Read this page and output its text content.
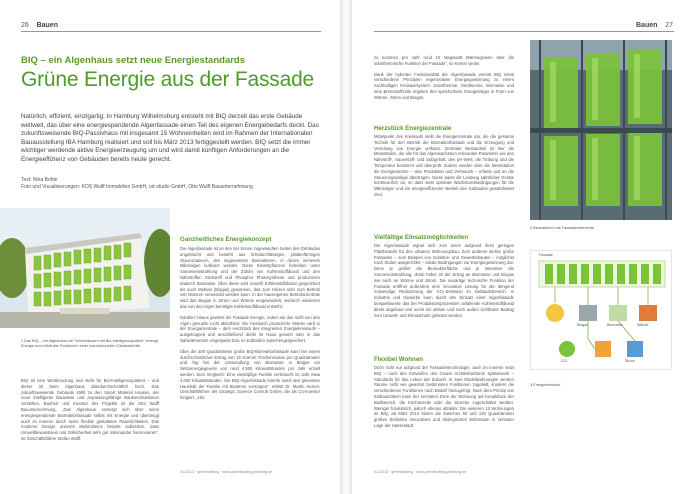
26 Bauen
BIQ – ein Algenhaus setzt neue Energiestandards
Grüne Energie aus der Fassade
Natürlich, effizient, einzigartig: In Hamburg Wilhelmsburg entsteht mit BIQ derzeit das erste Gebäude weltweit, das über eine energiespendende Algenfassade einen Teil des eigenen Energiebedarfs deckt. Das zukunftsweisende BIQ-Passivhaus mit insgesamt 15 Wohneinheiten wird im Rahmen der Internationalen Bauausstellung IBA Hamburg realisiert und soll bis März 2013 fertiggestellt werden. BIQ setzt die immer wichtiger werdende aktive Energieerzeugung um und wird damit künftigen Anforderungen an die Energieeffizienz von Gebäuden bereits heute gerecht.
Text: Nina Bohle
Foto und Visualisierungen: KOS Wulff Immobilien GmbH, ort-studio GmbH, Otto Wulff Bauunternehmung
1 Das BIQ – ein Algenhaus mit "Wohnhäusern mit Bio-Intelligenzquotient" erzeugt Energie und erfüllt alle Funktionen einer konventionellen Gebäudehülle.
BIQ ist eine Wortkreuzung und steht für Bio-Intelligenzquotient – und dieser ist beim Algenhaus überdurchschnittlich hoch. Das zukunftsweisende Gebäude zählt zu den Smart Material Houses, der neue intelligente Bauweise und anpassungsfähige Baukonstruktionen vorstellen. Bauherr und Investor des Projekts ist die Otto Wulff Bauunternehmung. „Das Algenhaus versorgt sich über seine energiespendende Bioreaktorfassade selbst mit Energie und überzeugt auch im Inneren durch seine flexible gestalteten Räumlichkeiten. Das moderne Design unseres Meilensteins bewirkt außerdem, dass Umweltbewusstsein und Stilsicherheit sehr gut miteinander harmonieren", so Geschäftsführer Stefan Wulff.
Ganzheitliches Energiekonzept

Die Algenfassade ist an den der Sonne zugewandten Seiten des Gebäudes angebracht und besteht aus lichtdurchlässigen, plattenförmigen Glaucontainern, den sogenannten Bioreaktoren, in denen immerein Mikroalgen kultiviert werden. Diese Kleinstpflanzen betreiben unter Sonneneinstrahlung und der Zufuhr von Kohlenstoffdioxid und den Nährstoffen Stickstoff und Phosphor Photosynthese und produzieren dadurch Biomasse. Über diese wird sowohl Kohlenstoffdioxid gespeichert als auch Methan (Biogas) gewonnen, das zum Heizen oder zum Betrieb von Motoren verwendet werden kann. In der hauseigenen Betriebszentrale wird das Biogas in Strom und Wärme umgewandelt, wodurch wiederum das von den Algen benötigte Kohlenstoffdioxid entsteht.

Darüber hinaus gewinnt die Fassade Energie, indem sie das nicht von den Algen genutzte Licht absorbiert. Die hierdurch produzierte Wärme wird in der Energiezentrale – dem Herzstück des integrierten Energiekreislaufs – ausgekoppelt und anschließend direkt im Haus genutzt oder in das Nahwärmenetz eingespeist bzw. im Erdboden zwischengespeichert.

Über die 200 Quadratmeter große BIQ-Bioreaktorfassade kann bei einem durchschnittlichen Ertrag von 15 Gramm Trockenmasse pro Quadratmeter und Tag bei der Umwandlung von Biomasse in Biogas ein Nettoenergiegewinn von rund 4.500 Kilowattstunden pro Jahr erzielt werden. Zum Vergleich: Eine vierköpfige Familie verbraucht im Jahr etwa 4.000 Kilowattstunden. Die BIQ-Algenfassade könnte somit den gesamten Haushalt der Familie mit Biostrom versorgen", erklärt Dr. Martin Kerner, Geschäftsführer der Strategic Science Consult GmbH, die als Co-Investor fungiert. „Hin-

01-02/13 · greenbuilding · www.greenbuilding-planning.de
Bauen 27

zu kommen pro Jahr rund 10 Megawatt Wärmegewinn über die solarthermische Funktion der Fassade", so Kerner weiter.

Dank der hybriden Funktionalität der Algenfassade vereint BIQ somit verschiedene Prinzipien regenerativer Energiegewinnung zu einem nachhaltigen Kreislaufsystem: Solarthermie, Geothermie, Biomasse und eine Brennstoffzelle ergeben drei speicherbare Energieträger in Form von Wärme, Strom und Biogas.

Herzstück Energiezentrale
Mittelpunkt des Kreislaufs stellt die Energiezentrale dar, die die gesamte Technik für den Betrieb der Bioreaktorfassade und die Erzeugung und Verteilung von Energie umfasst. Zentraler Bestandteil ist hier die Messstation, die alle für das Algenwachstum relevanten Parameter wie den Nährstoff-, Sauerstoff- und Salzgehalt, den pH-Wert, die Trübung und die Temperatur bestimmt und überprüft. Zudem werden über die Messstation die Energieströme – also Produktion und Verbrauch – erfasst und an die Steuerungsanlage übertragen. Diese passt die Leistung sämtlicher Geräte kontinuierlich an, so dass stets optimale Wachstumsbedingungen für die Mikroalgen und ein energieeffizienter Betrieb des Gebäudes gewährleistet sind.
Vielfältige Einsatzmöglichkeiten
Die Algenfassade eignet sich zum einen aufgrund ihres geringen Platzbedarfs für den urbanen Wohnungsbau. Zum anderen stellen große Fassaden – zum Beispiel von Industrie- und Gewerbebauten – möglichst nach Süden ausgerichtet – ideale Bedingungen zur Energiegewinnung dar. Denn je größer die Bioreaktorfläche und je intensiver die Sonneneinstrahlung, desto höher ist der Ertrag an Biomasse und Biogas wie auch an Wärme und Strom. Die neuartige technische Funktion der Fassade eröffnet außerdem eine innovative Lösung für die dringend notwendige Reduzierung der CO₂-Emission im Gebäudebereich. In Industrie und Gewerbe kann durch den Einsatz einer Algenfassade beispielsweise das bei Produktionsprozessen anfallende Kohlenstoffdioxid direkt abgebaut und somit ein aktiver und nach außen sichtbarer Beitrag zum Umwelt- und Klimaschutz geleistet werden.
Flexibel Wohnen
Doch nicht nur aufgrund der Fassadentechnologie, auch im Inneren setzt BIQ – nach den Entwürfen des Grazer Architekturbüros Splitterwerk – Standards für das Leben der Zukunft. In zwei Modellwohnungen werden Räume nicht wie gewohnt bestimmten Funktionen zugeteilt, sondern die verschiedenen Funktionen nach Bedarf hinzugefügt. Nach dem Prinzip von Einbaumöbeln kann der zentralen Zone der Wohnung auf Knopfdruck der Badbereich, die Küchenzeile oder die Stoecke zugeschaltet werden. Weniger futuristisch, jedoch ebenso attraktiv: Die weiteren 13 Wohnungen im BIQ, ab März 2013 bieten die zwischen 50 und 120 Quadratmeter großen Einheiten innovatives und ökologisches Wohnraum in zentraler Lage der Hansestadt.
2 Bioreaktoren als Fassadenelemente
Fassade
Biogas	Biomasse	Wärme
Strom
CO₂
3 Energiekreislauf
01-02/13 · greenbuilding · www.greenbuilding-planning.de
